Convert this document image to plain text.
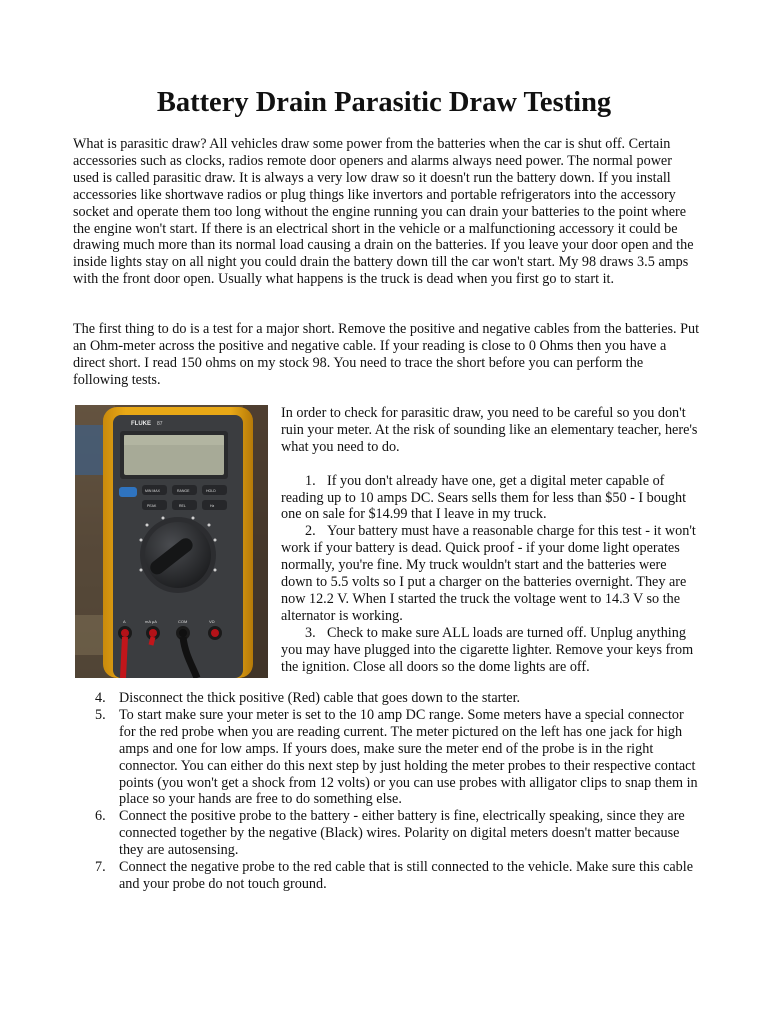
Battery Drain Parasitic Draw Testing

What is parasitic draw? All vehicles draw some power from the batteries when the car is shut off. Certain accessories such as clocks, radios remote door openers and alarms always need power. The normal power used is called parasitic draw. It is always a very low draw so it doesn't run the battery down. If you install accessories like shortwave radios or plug things like invertors and portable refrigerators into the accessory socket and operate them too long without the engine running you can drain your batteries to the point where the engine won't start. If there is an electrical short in the vehicle or a malfunctioning accessory it could be drawing much more than its normal load causing a drain on the batteries. If you leave your door open and the inside lights stay on all night you could drain the battery down till the car won't start. My 98 draws 3.5 amps with the front door open. Usually what happens is the truck is dead when you first go to start it.

The first thing to do is a test for a major short. Remove the positive and negative cables from the batteries. Put an Ohm-meter across the positive and negative cable. If your reading is close to 0 Ohms then you have a direct short. I read 150 ohms on my stock 98. You need to trace the short before you can perform the following tests.

FLUKE 87
MIN MAX	RANGE	HOLD
PEAK	REL	Hz
A	mA µA	COM	VΩ

In order to check for parasitic draw, you need to be careful so you don't ruin your meter. At the risk of sounding like an elementary teacher, here's what you need to do.

1. If you don't already have one, get a digital meter capable of reading up to 10 amps DC. Sears sells them for less than $50 - I bought one on sale for $14.99 that I leave in my truck.

2. Your battery must have a reasonable charge for this test - it won't work if your battery is dead. Quick proof - if your dome light operates normally, you're fine. My truck wouldn't start and the batteries were down to 5.5 volts so I put a charger on the batteries overnight. They are now 12.2 V. When I started the truck the voltage went to 14.3 V so the alternator is working.

3. Check to make sure ALL loads are turned off. Unplug anything you may have plugged into the cigarette lighter. Remove your keys from the ignition. Close all doors so the dome lights are off.

4. Disconnect the thick positive (Red) cable that goes down to the starter.
5. To start make sure your meter is set to the 10 amp DC range. Some meters have a special connector for the red probe when you are reading current. The meter pictured on the left has one jack for high amps and one for low amps. If yours does, make sure the meter end of the probe is in the right connector. You can either do this next step by just holding the meter probes to their respective contact points (you won't get a shock from 12 volts) or you can use probes with alligator clips to snap them in place so your hands are free to do something else.
6. Connect the positive probe to the battery - either battery is fine, electrically speaking, since they are connected together by the negative (Black) wires. Polarity on digital meters doesn't matter because they are autosensing.
7. Connect the negative probe to the red cable that is still connected to the vehicle. Make sure this cable and your probe do not touch ground.
